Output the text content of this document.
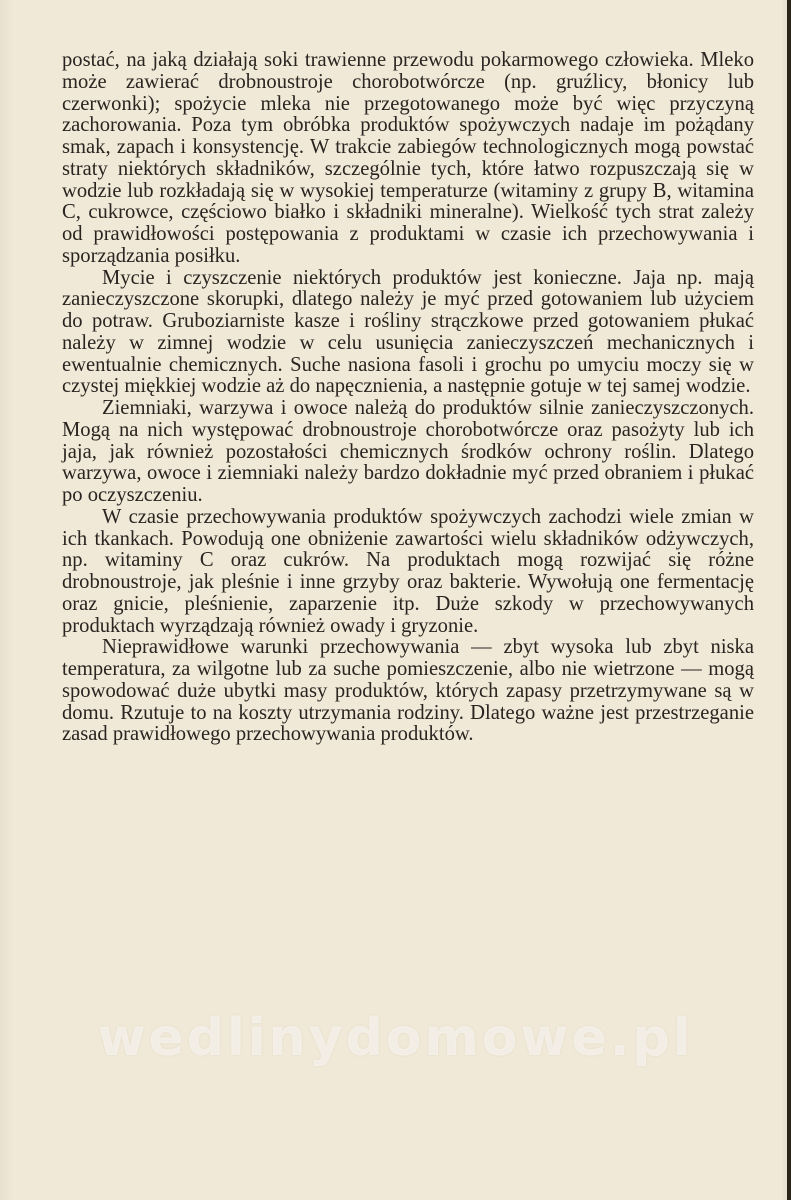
postać, na jaką działają soki trawienne przewodu pokarmowego człowieka. Mleko może zawierać drobnoustroje chorobotwórcze (np. gruźlicy, błonicy lub czerwonki); spożycie mleka nie przegotowanego może być więc przyczyną zachorowania. Poza tym obróbka produktów spożywczych nadaje im pożądany smak, zapach i konsystencję. W trakcie zabiegów technologicznych mogą powstać straty niektórych składników, szczególnie tych, które łatwo rozpuszczają się w wodzie lub rozkładają się w wysokiej temperaturze (witaminy z grupy B, witamina C, cukrowce, częściowo białko i składniki mineralne). Wielkość tych strat zależy od prawidłowości postępowania z produktami w czasie ich przechowywania i sporządzania posiłku.

Mycie i czyszczenie niektórych produktów jest konieczne. Jaja np. mają zanieczyszczone skorupki, dlatego należy je myć przed gotowaniem lub użyciem do potraw. Gruboziarniste kasze i rośliny strączkowe przed gotowaniem płukać należy w zimnej wodzie w celu usunięcia zanieczyszczeń mechanicznych i ewentualnie chemicznych. Suche nasiona fasoli i grochu po umyciu moczy się w czystej miękkiej wodzie aż do napęcznienia, a następnie gotuje w tej samej wodzie.

Ziemniaki, warzywa i owoce należą do produktów silnie zanieczyszczonych. Mogą na nich występować drobnoustroje chorobotwórcze oraz pasożyty lub ich jaja, jak również pozostałości chemicznych środków ochrony roślin. Dlatego warzywa, owoce i ziemniaki należy bardzo dokładnie myć przed obraniem i płukać po oczyszczeniu.

W czasie przechowywania produktów spożywczych zachodzi wiele zmian w ich tkankach. Powodują one obniżenie zawartości wielu składników odżywczych, np. witaminy C oraz cukrów. Na produktach mogą rozwijać się różne drobnoustroje, jak pleśnie i inne grzyby oraz bakterie. Wywołują one fermentację oraz gnicie, pleśnienie, zaparzenie itp. Duże szkody w przechowywanych produktach wyrządzają również owady i gryzonie.

Nieprawidłowe warunki przechowywania — zbyt wysoka lub zbyt niska temperatura, za wilgotne lub za suche pomieszczenie, albo nie wietrzone — mogą spowodować duże ubytki masy produktów, których zapasy przetrzymywane są w domu. Rzutuje to na koszty utrzymania rodziny. Dlatego ważne jest przestrzeganie zasad prawidłowego przechowywania produktów.

wedlinydomowe.pl
